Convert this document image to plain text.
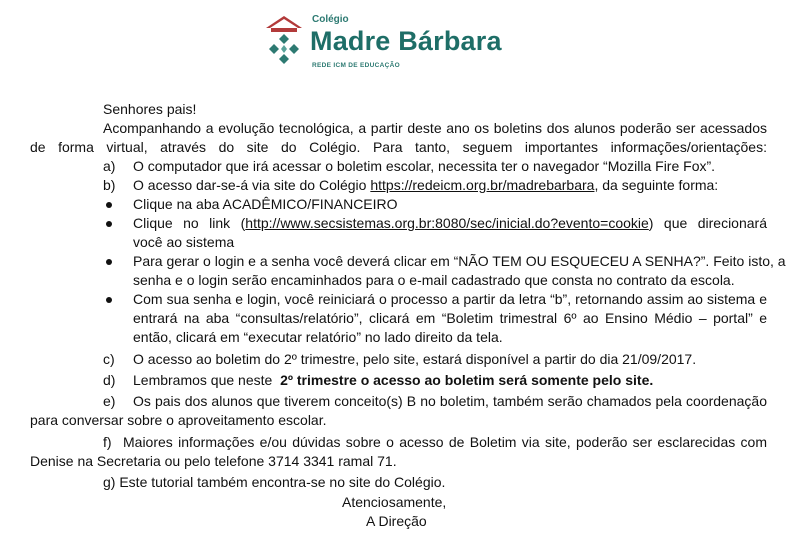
Colégio
Madre Bárbara
REDE ICM DE EDUCAÇÃO
Senhores pais!
Acompanhando a evolução tecnológica, a partir deste ano os boletins dos alunos poderão ser acessados
de forma virtual, através do site do Colégio. Para tanto, seguem importantes informações/orientações:
a) O computador que irá acessar o boletim escolar, necessita ter o navegador “Mozilla Fire Fox”.
b) O acesso dar-se-á via site do Colégio https://redeicm.org.br/madrebarbara, da seguinte forma:
Clique na aba ACADÊMICO/FINANCEIRO
Clique no link (http://www.secsistemas.org.br:8080/sec/inicial.do?evento=cookie) que direcionará
você ao sistema
Para gerar o login e a senha você deverá clicar em “NÃO TEM OU ESQUECEU A SENHA?”. Feito isto, a
senha e o login serão encaminhados para o e-mail cadastrado que consta no contrato da escola.
Com sua senha e login, você reiniciará o processo a partir da letra “b”, retornando assim ao sistema e
entrará na aba “consultas/relatório”, clicará em “Boletim trimestral 6º ao Ensino Médio – portal” e
então, clicará em “executar relatório” no lado direito da tela.
c) O acesso ao boletim do 2º trimestre, pelo site, estará disponível a partir do dia 21/09/2017.
d) Lembramos que neste 2º trimestre o acesso ao boletim será somente pelo site.
e) Os pais dos alunos que tiverem conceito(s) B no boletim, também serão chamados pela coordenação
para conversar sobre o aproveitamento escolar.
f) Maiores informações e/ou dúvidas sobre o acesso de Boletim via site, poderão ser esclarecidas com
Denise na Secretaria ou pelo telefone 3714 3341 ramal 71.
g) Este tutorial também encontra-se no site do Colégio.
Atenciosamente,
A Direção
